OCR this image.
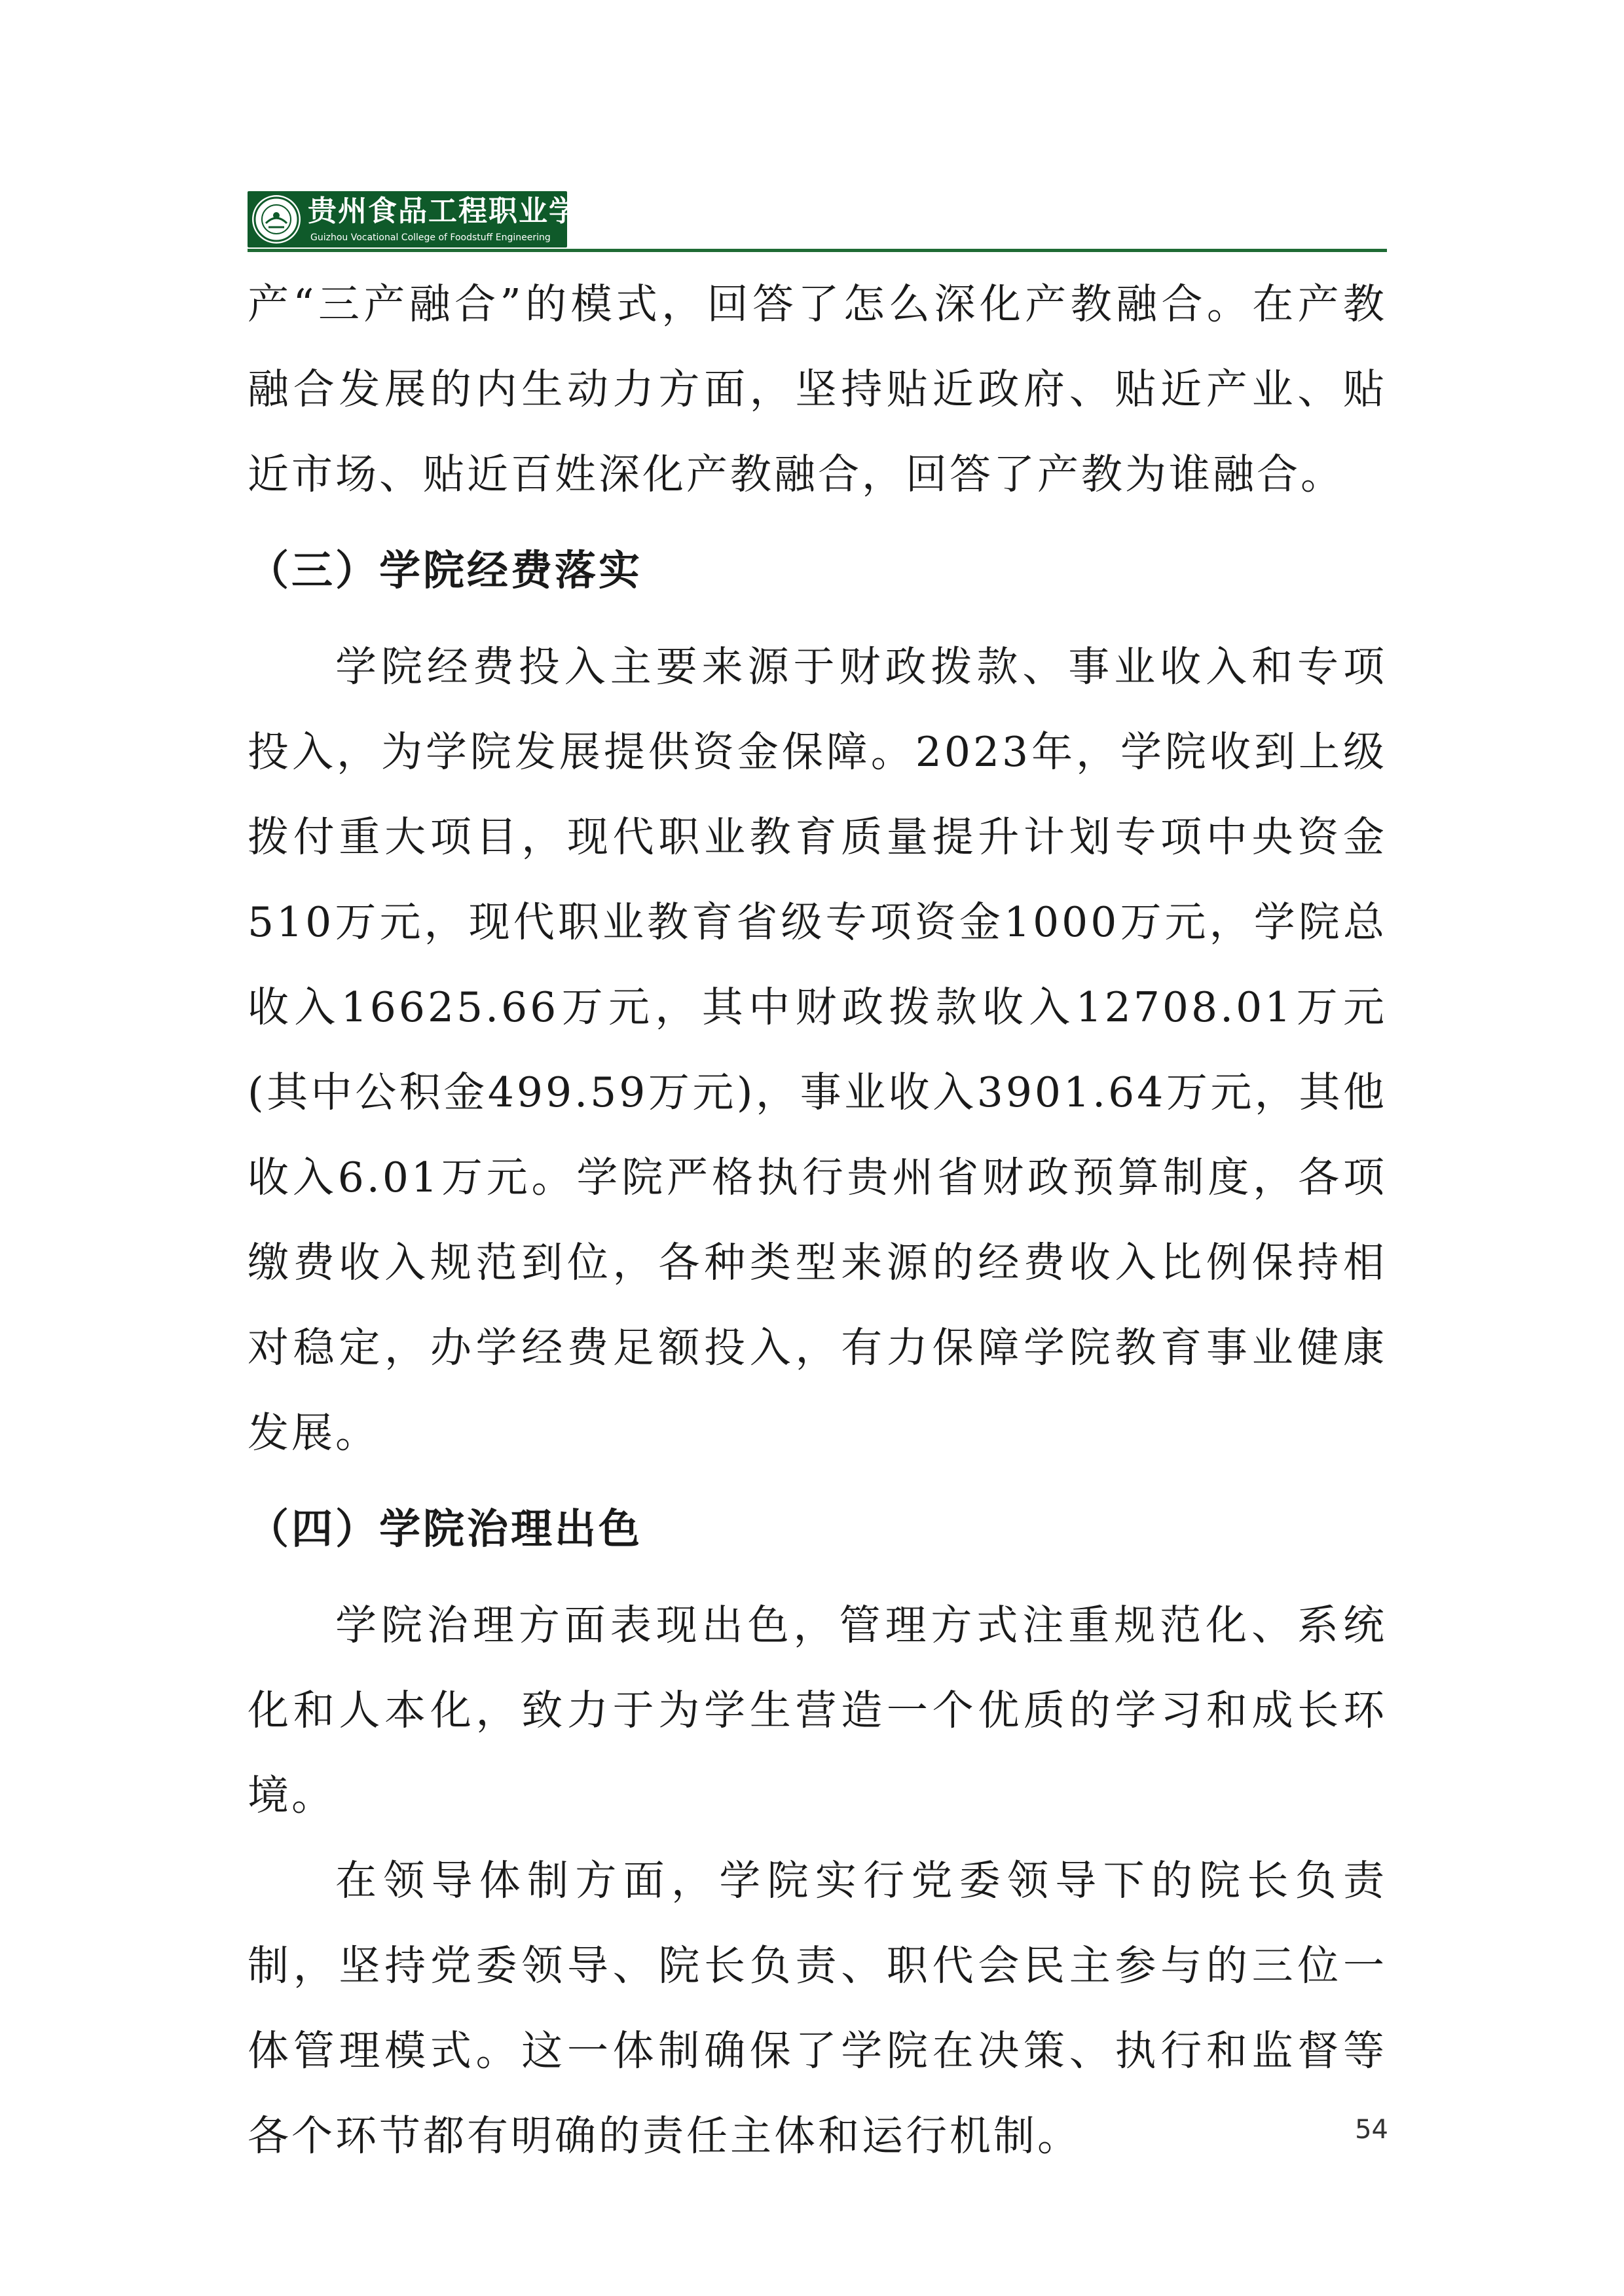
贵州食品工程职业学院
Guizhou Vocational College of Foodstuff Engineering

产“三产融合”的模式，回答了怎么深化产教融合。在产教融合发展的内生动力方面，坚持贴近政府、贴近产业、贴近市场、贴近百姓深化产教融合，回答了产教为谁融合。

（三）学院经费落实

学院经费投入主要来源于财政拨款、事业收入和专项投入，为学院发展提供资金保障。2023年，学院收到上级拨付重大项目，现代职业教育质量提升计划专项中央资金510万元，现代职业教育省级专项资金1000万元，学院总收入16625.66万元，其中财政拨款收入12708.01万元(其中公积金499.59万元)，事业收入3901.64万元，其他收入6.01万元。学院严格执行贵州省财政预算制度，各项缴费收入规范到位，各种类型来源的经费收入比例保持相对稳定，办学经费足额投入，有力保障学院教育事业健康发展。

（四）学院治理出色

学院治理方面表现出色，管理方式注重规范化、系统化和人本化，致力于为学生营造一个优质的学习和成长环境。

在领导体制方面，学院实行党委领导下的院长负责制，坚持党委领导、院长负责、职代会民主参与的三位一体管理模式。这一体制确保了学院在决策、执行和监督等各个环节都有明确的责任主体和运行机制。	54
